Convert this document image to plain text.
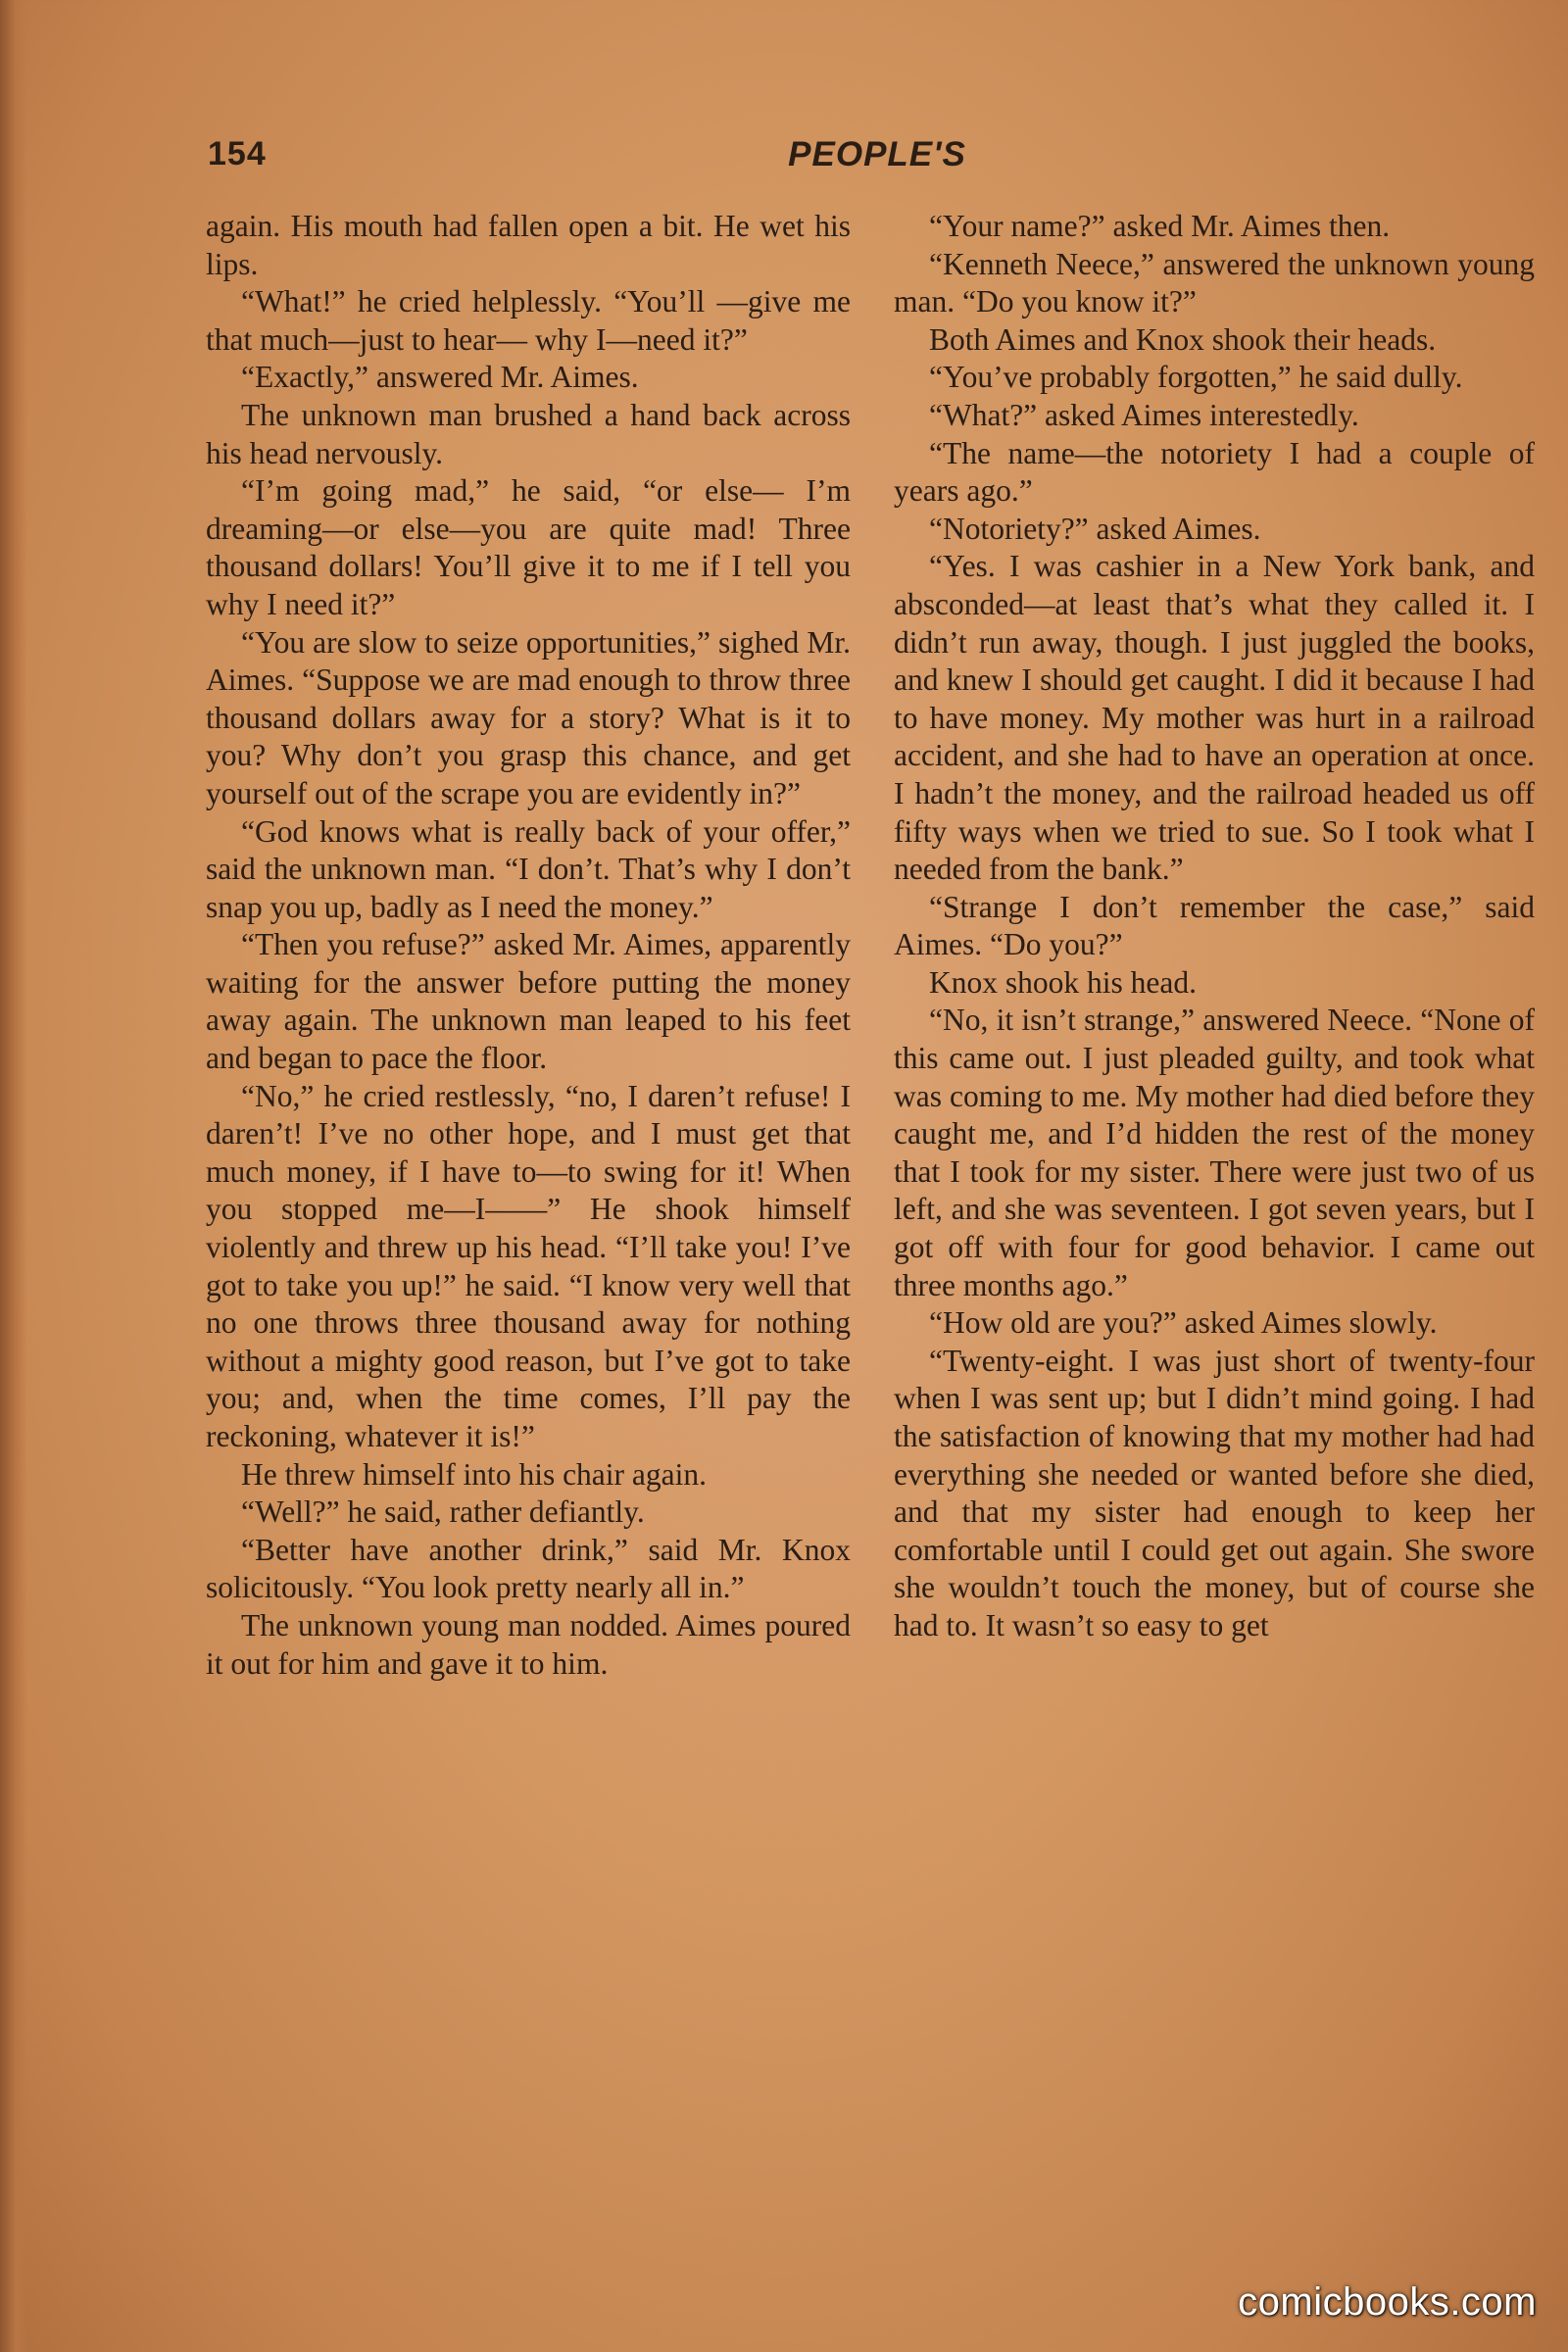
154	PEOPLE'S

again. His mouth had fallen open a bit. He wet his lips.

“What!” he cried helplessly. “You’ll —give me that much—just to hear— why I—need it?”

“Exactly,” answered Mr. Aimes.

The unknown man brushed a hand back across his head nervously.

“I’m going mad,” he said, “or else— I’m dreaming—or else—you are quite mad! Three thousand dollars! You’ll give it to me if I tell you why I need it?”

“You are slow to seize opportunities,” sighed Mr. Aimes. “Suppose we are mad enough to throw three thousand dollars away for a story? What is it to you? Why don’t you grasp this chance, and get yourself out of the scrape you are evidently in?”

“God knows what is really back of your offer,” said the unknown man. “I don’t. That’s why I don’t snap you up, badly as I need the money.”

“Then you refuse?” asked Mr. Aimes, apparently waiting for the answer before putting the money away again. The unknown man leaped to his feet and began to pace the floor.

“No,” he cried restlessly, “no, I daren’t refuse! I daren’t! I’ve no other hope, and I must get that much money, if I have to—to swing for it! When you stopped me—I——” He shook himself violently and threw up his head. “I’ll take you! I’ve got to take you up!” he said. “I know very well that no one throws three thousand away for nothing without a mighty good reason, but I’ve got to take you; and, when the time comes, I’ll pay the reckoning, whatever it is!”

He threw himself into his chair again.

“Well?” he said, rather defiantly.

“Better have another drink,” said Mr. Knox solicitously. “You look pretty nearly all in.”

The unknown young man nodded. Aimes poured it out for him and gave it to him.

“Your name?” asked Mr. Aimes then.

“Kenneth Neece,” answered the unknown young man. “Do you know it?”

Both Aimes and Knox shook their heads.

“You’ve probably forgotten,” he said dully.

“What?” asked Aimes interestedly.

“The name—the notoriety I had a couple of years ago.”

“Notoriety?” asked Aimes.

“Yes. I was cashier in a New York bank, and absconded—at least that’s what they called it. I didn’t run away, though. I just juggled the books, and knew I should get caught. I did it because I had to have money. My mother was hurt in a railroad accident, and she had to have an operation at once. I hadn’t the money, and the railroad headed us off fifty ways when we tried to sue. So I took what I needed from the bank.”

“Strange I don’t remember the case,” said Aimes. “Do you?”

Knox shook his head.

“No, it isn’t strange,” answered Neece. “None of this came out. I just pleaded guilty, and took what was coming to me. My mother had died before they caught me, and I’d hidden the rest of the money that I took for my sister. There were just two of us left, and she was seventeen. I got seven years, but I got off with four for good behavior. I came out three months ago.”

“How old are you?” asked Aimes slowly.

“Twenty-eight. I was just short of twenty-four when I was sent up; but I didn’t mind going. I had the satisfaction of knowing that my mother had had everything she needed or wanted before she died, and that my sister had enough to keep her comfortable until I could get out again. She swore she wouldn’t touch the money, but of course she had to. It wasn’t so easy to get

comicbooks.com
